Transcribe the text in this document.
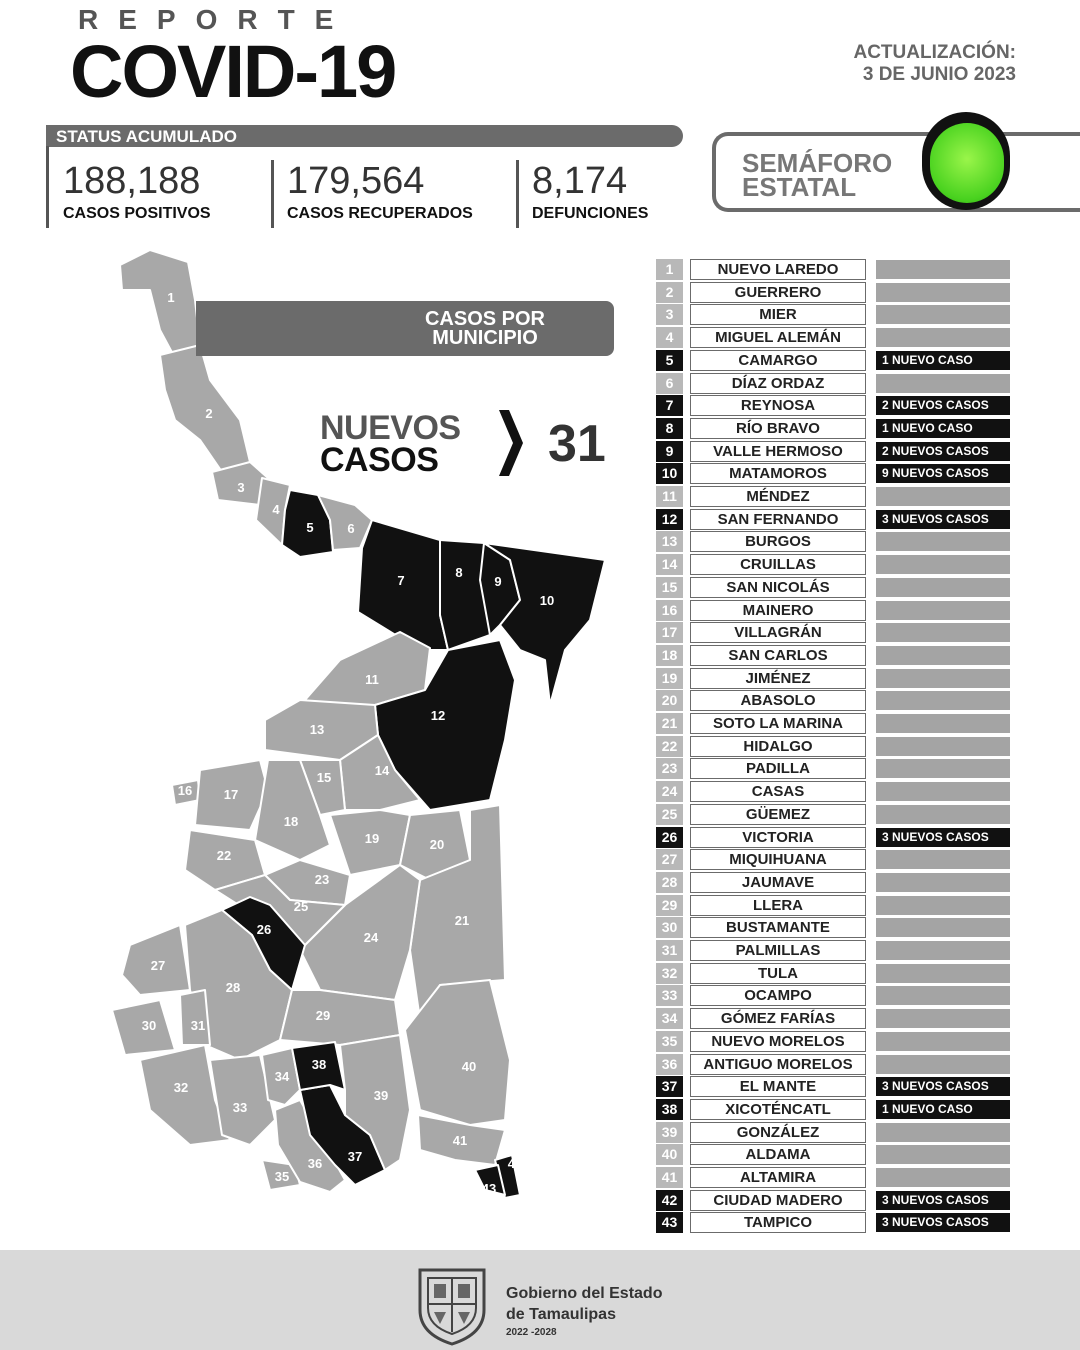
REPORTE
COVID-19	ACTUALIZACIÓN:
3 DE JUNIO 2023
STATUS ACUMULADO
188,188
CASOS POSITIVOS
179,564
CASOS RECUPERADOS
8,174
DEFUNCIONES
SEMÁFORO
ESTATAL
1
2
3
4
5	6
7
8
9
10
11
12
13
14
15
16 17
18
19	20
21
22
23
24
25
26
27
28
29
30	31
32
33
34
35
36 37
38
39
40
41
42
43
CASOS POR
MUNICIPIO
NUEVOS
CASOS	31
1	NUEVO LAREDO
2	GUERRERO
3	MIER
4	MIGUEL ALEMÁN
5	CAMARGO	1 NUEVO CASO
6	DÍAZ ORDAZ
7	REYNOSA	2 NUEVOS CASOS
8	RÍO BRAVO	1 NUEVO CASO
9	VALLE HERMOSO	2 NUEVOS CASOS
10	MATAMOROS	9 NUEVOS CASOS
11	MÉNDEZ
12	SAN FERNANDO	3 NUEVOS CASOS
13	BURGOS
14	CRUILLAS
15	SAN NICOLÁS
16	MAINERO
17	VILLAGRÁN
18	SAN CARLOS
19	JIMÉNEZ
20	ABASOLO
21	SOTO LA MARINA
22	HIDALGO
23	PADILLA
24	CASAS
25	GÜEMEZ
26	VICTORIA	3 NUEVOS CASOS
27	MIQUIHUANA
28	JAUMAVE
29	LLERA
30	BUSTAMANTE
31	PALMILLAS
32	TULA
33	OCAMPO
34	GÓMEZ FARÍAS
35	NUEVO MORELOS
36	ANTIGUO MORELOS
37	EL MANTE	3 NUEVOS CASOS
38	XICOTÉNCATL	1 NUEVO CASO
39	GONZÁLEZ
40	ALDAMA
41	ALTAMIRA
42	CIUDAD MADERO	3 NUEVOS CASOS
43	TAMPICO	3 NUEVOS CASOS
Gobierno del Estado
de Tamaulipas
2022 -2028
